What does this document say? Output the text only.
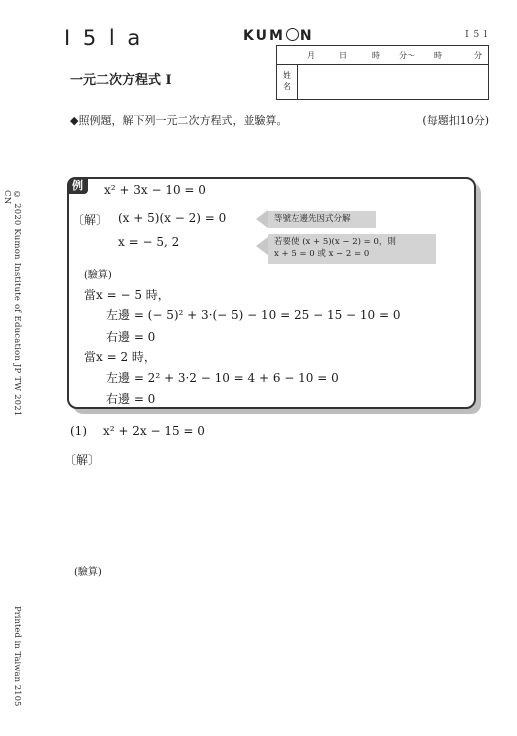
I 5 l a	KUM N	I 5 l
一元二次方程式 I
月	日	時 分～ 時	分
姓
名
◆照例題，解下列一元二次方程式，並驗算。	(每題扣10分)
© 2020 Kumon Institute of Education JP TW 2021 CN
Printed in Taiwan 2105
例	x² + 3x − 10 = 0
〔解〕 (x + 5)(x − 2) = 0
x = − 5, 2
等號左邊先因式分解
若要使 (x + 5)(x − 2) = 0，則
x + 5 = 0 或 x − 2 = 0
(驗算)
當x = − 5 時，
左邊 = (− 5)² + 3·(− 5) − 10 = 25 − 15 − 10 = 0
右邊 = 0
當x = 2 時，
左邊 = 2² + 3·2 − 10 = 4 + 6 − 10 = 0
右邊 = 0
(1) x² + 2x − 15 = 0
〔解〕
(驗算)
